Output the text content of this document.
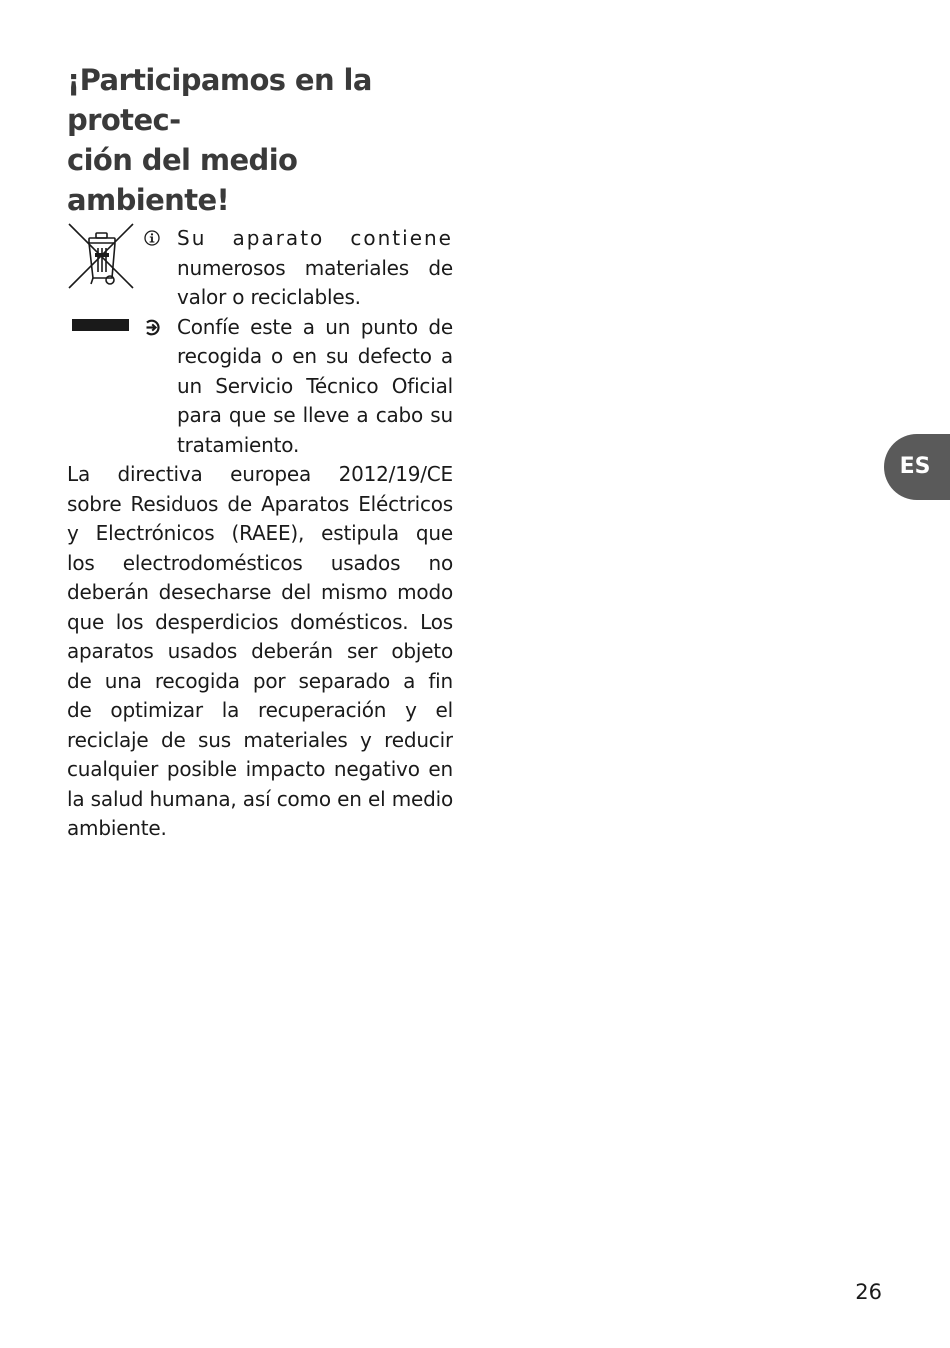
¡Participamos en la protec-
ción del medio ambiente!
Su aparato contiene
numerosos materiales de
valor o reciclables.
Confíe este a un punto de
recogida o en su defecto a
un Servicio Técnico Oficial
para que se lleve a cabo su
tratamiento.
La directiva europea 2012/19/CE
sobre Residuos de Aparatos Eléctricos
y Electrónicos (RAEE), estipula que
los electrodomésticos usados no
deberán desecharse del mismo modo
que los desperdicios domésticos. Los
aparatos usados deberán ser objeto
de una recogida por separado a fin
de optimizar la recuperación y el
reciclaje de sus materiales y reducir
cualquier posible impacto negativo en
la salud humana, así como en el medio
ambiente.
ES
26
